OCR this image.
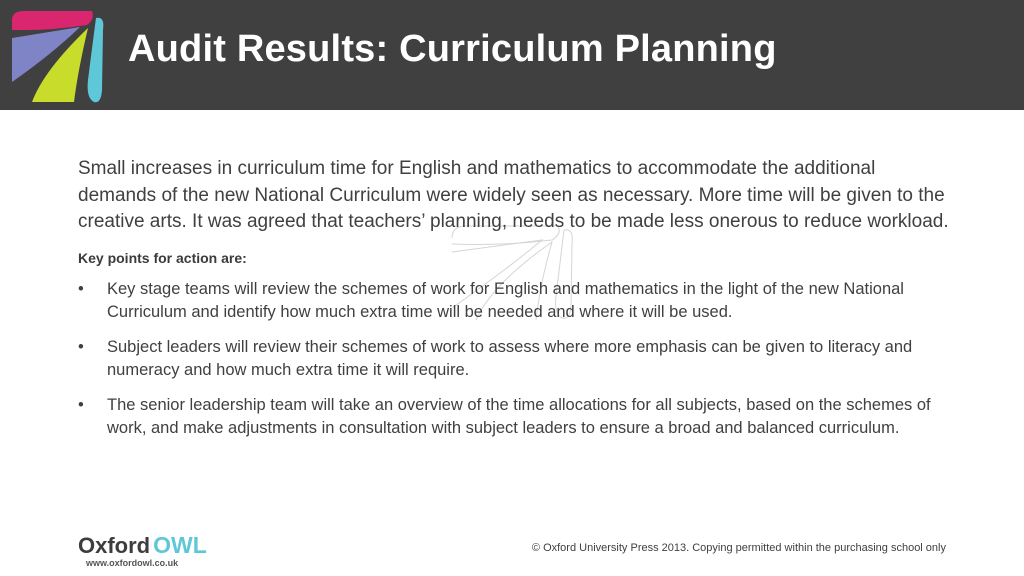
Audit Results: Curriculum Planning

Small increases in curriculum time for English and mathematics to accommodate the additional demands of the new National Curriculum were widely seen as necessary. More time will be given to the creative arts. It was agreed that teachers’ planning, needs to be made less onerous to reduce workload.

Key points for action are:
• Key stage teams will review the schemes of work for English and mathematics in the light of the new National Curriculum and identify how much extra time will be needed and where it will be used.
• Subject leaders will review their schemes of work to assess where more emphasis can be given to literacy and numeracy and how much extra time it will require.
• The senior leadership team will take an overview of the time allocations for all subjects, based on the schemes of work, and make adjustments in consultation with subject leaders to ensure a broad and balanced curriculum.
Oxford OWL
www.oxfordowl.co.uk
© Oxford University Press 2013. Copying permitted within the purchasing school only
